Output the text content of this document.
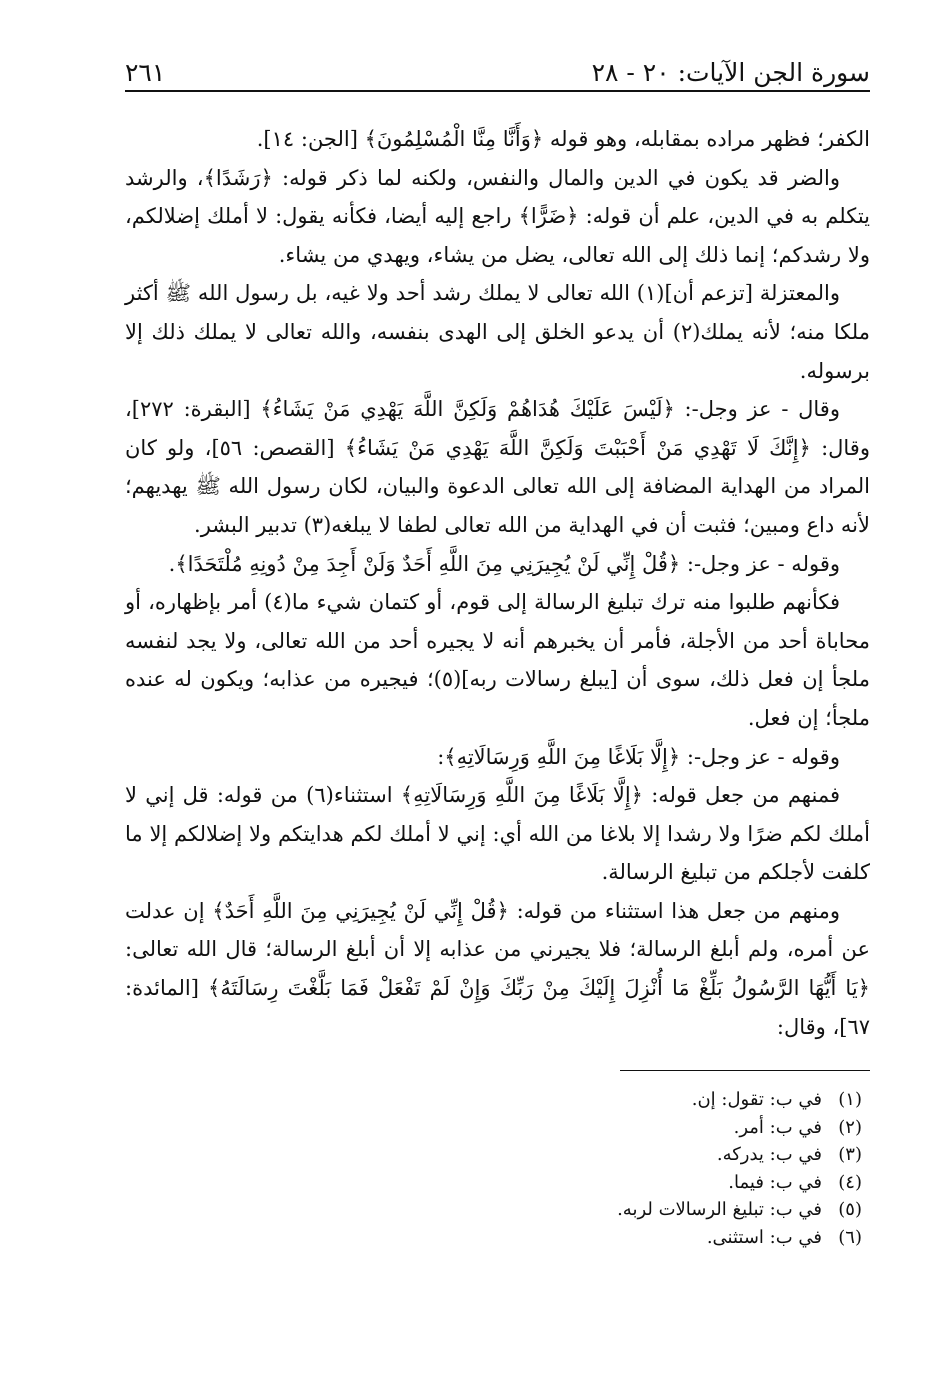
سورة الجن الآيات: ٢٠ - ٢٨
٢٦١

الكفر؛ فظهر مراده بمقابله، وهو قوله ﴿وَأَنَّا مِنَّا الْمُسْلِمُونَ﴾ [الجن: ١٤].

والضر قد يكون في الدين والمال والنفس، ولكنه لما ذكر قوله: ﴿رَشَدًا﴾، والرشد يتكلم به في الدين، علم أن قوله: ﴿ضَرًّا﴾ راجع إليه أيضا، فكأنه يقول: لا أملك إضلالكم، ولا رشدكم؛ إنما ذلك إلى الله تعالى، يضل من يشاء، ويهدي من يشاء.

والمعتزلة [تزعم أن](١) الله تعالى لا يملك رشد أحد ولا غيه، بل رسول الله ﷺ أكثر ملكا منه؛ لأنه يملك(٢) أن يدعو الخلق إلى الهدى بنفسه، والله تعالى لا يملك ذلك إلا برسوله.

وقال - عز وجل-: ﴿لَيْسَ عَلَيْكَ هُدَاهُمْ وَلَكِنَّ اللَّهَ يَهْدِي مَنْ يَشَاءُ﴾ [البقرة: ٢٧٢]، وقال: ﴿إِنَّكَ لَا تَهْدِي مَنْ أَحْبَبْتَ وَلَكِنَّ اللَّهَ يَهْدِي مَنْ يَشَاءُ﴾ [القصص: ٥٦]، ولو كان المراد من الهداية المضافة إلى الله تعالى الدعوة والبيان، لكان رسول الله ﷺ يهديهم؛ لأنه داع ومبين؛ فثبت أن في الهداية من الله تعالى لطفا لا يبلغه(٣) تدبير البشر.

وقوله - عز وجل-: ﴿قُلْ إِنِّي لَنْ يُجِيرَنِي مِنَ اللَّهِ أَحَدٌ وَلَنْ أَجِدَ مِنْ دُونِهِ مُلْتَحَدًا﴾.

فكأنهم طلبوا منه ترك تبليغ الرسالة إلى قوم، أو كتمان شيء ما(٤) أمر بإظهاره، أو محاباة أحد من الأجلة، فأمر أن يخبرهم أنه لا يجيره أحد من الله تعالى، ولا يجد لنفسه ملجأ إن فعل ذلك، سوى أن [يبلغ رسالات ربه](٥)؛ فيجيره من عذابه؛ ويكون له عنده ملجأ؛ إن فعل.

وقوله - عز وجل-: ﴿إِلَّا بَلَاغًا مِنَ اللَّهِ وَرِسَالَاتِهِ﴾:

فمنهم من جعل قوله: ﴿إِلَّا بَلَاغًا مِنَ اللَّهِ وَرِسَالَاتِهِ﴾ استثناء(٦) من قوله: قل إني لا أملك لكم ضرًا ولا رشدا إلا بلاغا من الله أي: إني لا أملك لكم هدايتكم ولا إضلالكم إلا ما كلفت لأجلكم من تبليغ الرسالة.

ومنهم من جعل هذا استثناء من قوله: ﴿قُلْ إِنِّي لَنْ يُجِيرَنِي مِنَ اللَّهِ أَحَدٌ﴾ إن عدلت عن أمره، ولم أبلغ الرسالة؛ فلا يجيرني من عذابه إلا أن أبلغ الرسالة؛ قال الله تعالى: ﴿يَا أَيُّهَا الرَّسُولُ بَلِّغْ مَا أُنْزِلَ إِلَيْكَ مِنْ رَبِّكَ وَإِنْ لَمْ تَفْعَلْ فَمَا بَلَّغْتَ رِسَالَتَهُ﴾ [المائدة: ٦٧]، وقال:

(١)
في ب: تقول: إن.
(٢)
في ب: أمر.
(٣)
في ب: يدركه.
(٤)
في ب: فيما.
(٥)
في ب: تبليغ الرسالات لربه.
(٦)
في ب: استثنى.
